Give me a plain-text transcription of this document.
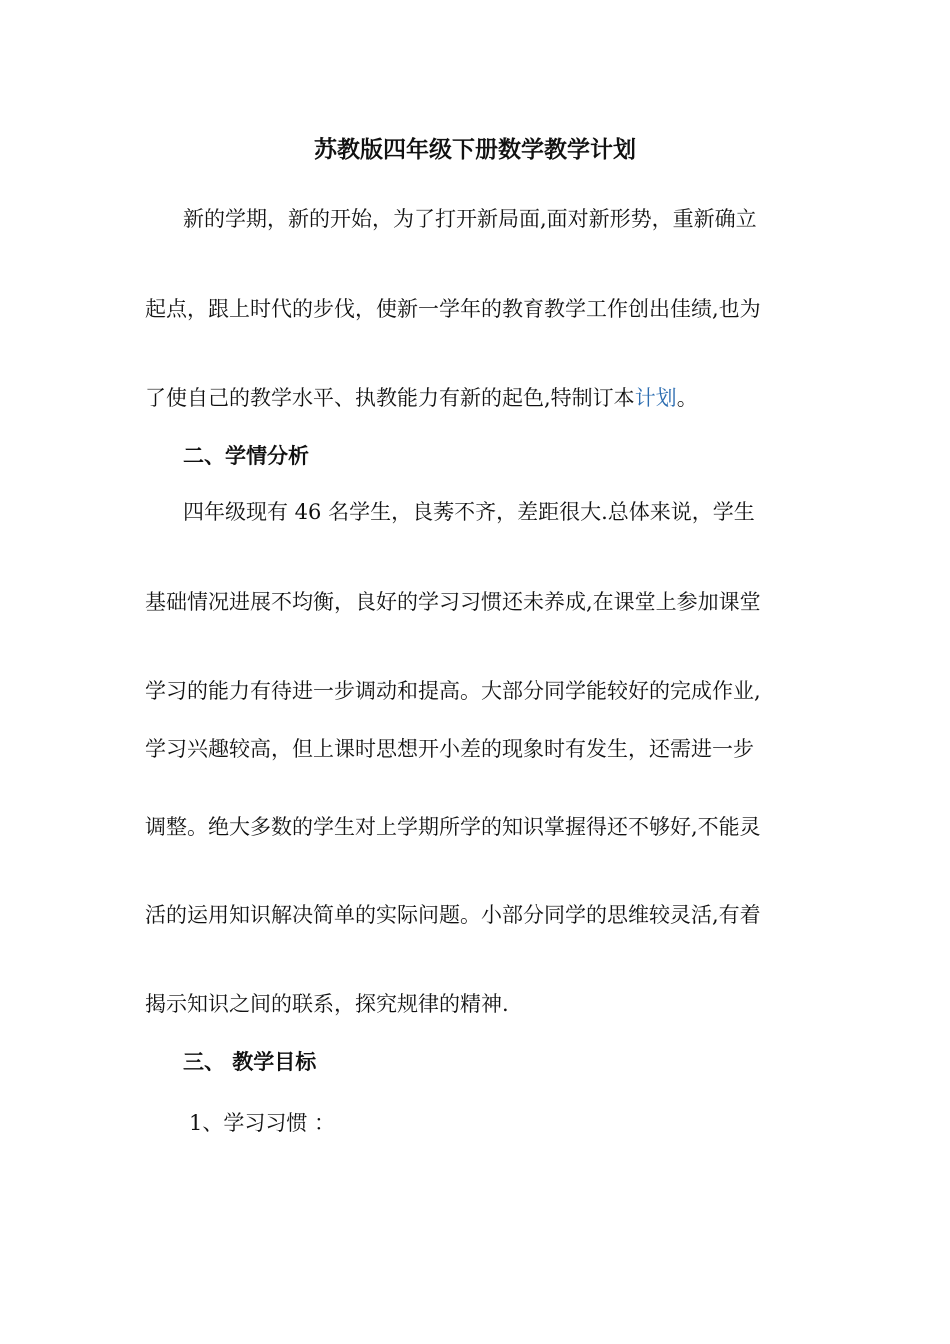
苏教版四年级下册数学教学计划
新的学期，新的开始，为了打开新局面,面对新形势，重新确立
起点，跟上时代的步伐，使新一学年的教育教学工作创出佳绩,也为
了使自己的教学水平、执教能力有新的起色,特制订本计划。
二、学情分析
四年级现有 46 名学生，良莠不齐，差距很大.总体来说，学生
基础情况进展不均衡，良好的学习习惯还未养成,在课堂上参加课堂
学习的能力有待进一步调动和提高。大部分同学能较好的完成作业,
学习兴趣较高，但上课时思想开小差的现象时有发生，还需进一步
调整。绝大多数的学生对上学期所学的知识掌握得还不够好,不能灵
活的运用知识解决简单的实际问题。小部分同学的思维较灵活,有着
揭示知识之间的联系，探究规律的精神.
三、 教学目标
1、学习习惯 ：
